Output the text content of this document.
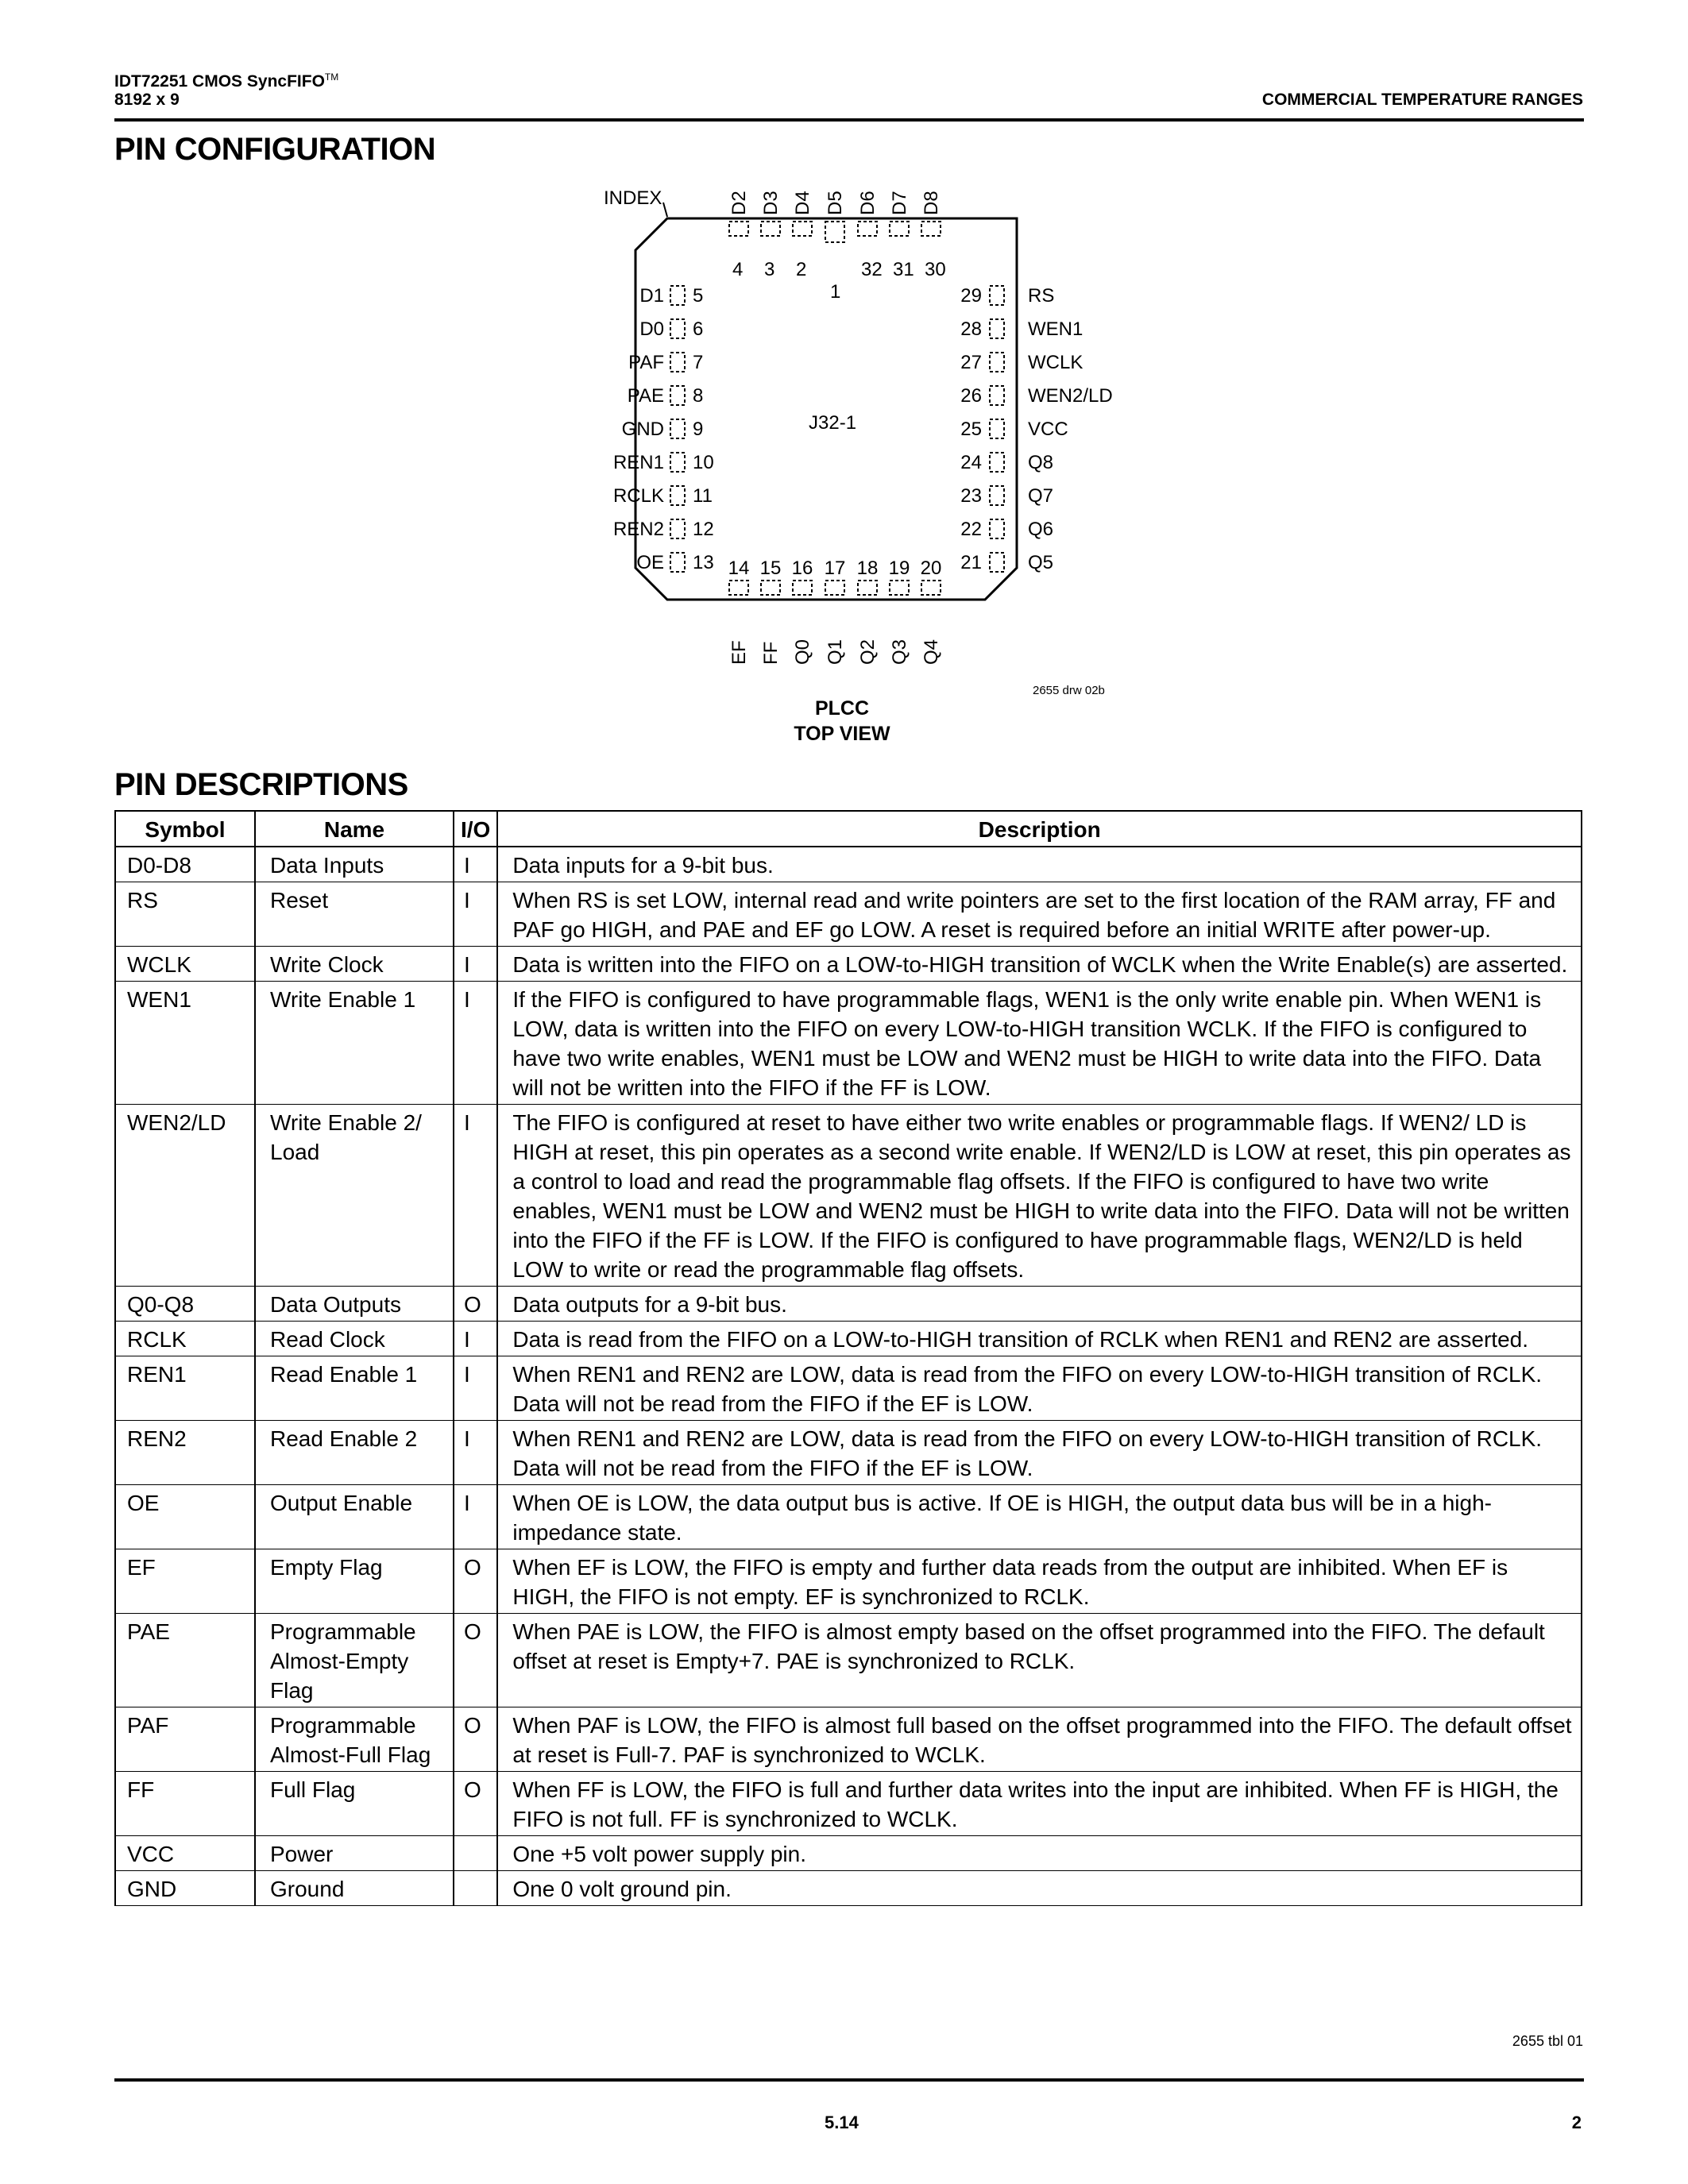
IDT72251 CMOS SyncFIFO™
8192 x 9	COMMERCIAL TEMPERATURE RANGES
PIN CONFIGURATION
INDEX
J32-1
2655 drw 02b
D2
4
D3
3
D4
2
D5
1
D6
32
D7
31
D8
30
D1 5
D0 6
PAF 7
PAE 8
GND 9
REN1 10
RCLK 11
REN2 12
OE 13
29 RS
28 WEN1
27 WCLK
26 WEN2/LD
25 VCC
24 Q8
23 Q7
22 Q6
21 Q5
14
EF
15
FF
16
Q0
17
Q1
18
Q2
19
Q3
20
Q4
PLCC
TOP VIEW
PIN DESCRIPTIONS
Symbol	Name	I/O	Description
D0-D8	Data Inputs	I	Data inputs for a 9-bit bus.
RS	Reset	I	When RS is set LOW, internal read and write pointers are set to the first location of the RAM array, FF and PAF go HIGH, and PAE and EF go LOW. A reset is required before an initial WRITE after power-up.
WCLK	Write Clock	I	Data is written into the FIFO on a LOW-to-HIGH transition of WCLK when the Write Enable(s) are asserted.
WEN1	Write Enable 1	I	If the FIFO is configured to have programmable flags, WEN1 is the only write enable pin. When WEN1 is LOW, data is written into the FIFO on every LOW-to-HIGH transition WCLK. If the FIFO is configured to have two write enables, WEN1 must be LOW and WEN2 must be HIGH to write data into the FIFO. Data will not be written into the FIFO if the FF is LOW.
WEN2/LD	Write Enable 2/ Load	I	The FIFO is configured at reset to have either two write enables or programmable flags. If WEN2/ LD is HIGH at reset, this pin operates as a second write enable. If WEN2/LD is LOW at reset, this pin operates as a control to load and read the programmable flag offsets. If the FIFO is configured to have two write enables, WEN1 must be LOW and WEN2 must be HIGH to write data into the FIFO. Data will not be written into the FIFO if the FF is LOW. If the FIFO is configured to have programmable flags, WEN2/LD is held LOW to write or read the programmable flag offsets.
Q0-Q8	Data Outputs	O	Data outputs for a 9-bit bus.
RCLK	Read Clock	I	Data is read from the FIFO on a LOW-to-HIGH transition of RCLK when REN1 and REN2 are asserted.
REN1	Read Enable 1	I	When REN1 and REN2 are LOW, data is read from the FIFO on every LOW-to-HIGH transition of RCLK. Data will not be read from the FIFO if the EF is LOW.
REN2	Read Enable 2	I	When REN1 and REN2 are LOW, data is read from the FIFO on every LOW-to-HIGH transition of RCLK. Data will not be read from the FIFO if the EF is LOW.
OE	Output Enable	I	When OE is LOW, the data output bus is active. If OE is HIGH, the output data bus will be in a high-impedance state.
EF	Empty Flag	O	When EF is LOW, the FIFO is empty and further data reads from the output are inhibited. When EF is HIGH, the FIFO is not empty. EF is synchronized to RCLK.
PAE	Programmable Almost-Empty Flag	O	When PAE is LOW, the FIFO is almost empty based on the offset programmed into the FIFO. The default offset at reset is Empty+7. PAE is synchronized to RCLK.
PAF	Programmable Almost-Full Flag	O	When PAF is LOW, the FIFO is almost full based on the offset programmed into the FIFO. The default offset at reset is Full-7. PAF is synchronized to WCLK.
FF	Full Flag	O	When FF is LOW, the FIFO is full and further data writes into the input are inhibited. When FF is HIGH, the FIFO is not full. FF is synchronized to WCLK.
VCC	Power		One +5 volt power supply pin.
GND	Ground		One 0 volt ground pin.
2655 tbl 01
5.14	2
